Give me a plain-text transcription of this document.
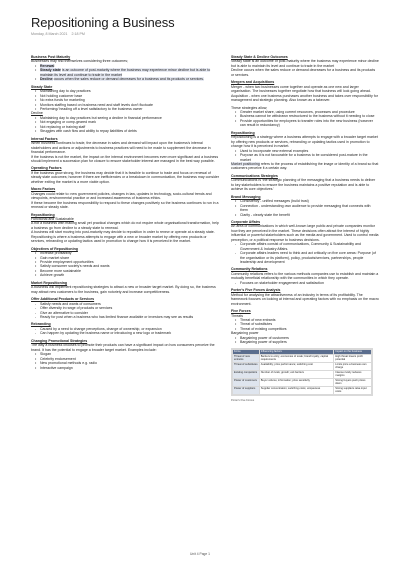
Repositioning a Business
Monday, 8 March 2021 2:18 PM
Business Post Maturity

Businesses may find themselves considering three outcomes;

• Renewal
• Steady state is an outcome of post-maturity where the business may experience minor decline but is able to maintain its level and continue to trade in the market
• Decline occurs when the sales reduce or demand decreases for a business and its products or services.
Steady State
• Maintaining day to day practices
• Not holding customer base
• No extra funds for marketing
• Monitors staffing based on business need and staff levels don't fluctuate
• Performing/ heading off a level satisfactory to the business owner
Decline
• Maintaining day to day practices but seeing a decline in financial performance
• Not engaging or comp-geared mark
• Not replacing or training staff
• Struggles with cash flow and ability to repay liabilities of debts
Internal Factors

When business continues to trade, the decrease in sales and demand will impact upon the business's internal stakeholders and actions or adjustments to business practices will need to be made to supplement the decrease in financial performance.

If the business is not the market, the impact on the internal environment becomes even more significant and a business should implement a succession plan for closure to ensure stakeholder interest are managed in the best way possible.

Operating Factors

If the business grow strong, the business may decide that it is feasible to continue to trade and focus on renewal of steady state outcomes; however if there are inefficiencies or a breakdown in communication, the business may consider whether exiting the market is a more viable option.

Macro Factors

Changes could relate to: new government policies, changes in law, updates in technology, socio-cultural trends and viewpoints, environmental practice or and increased awareness of business ethics.

If these become the business responsibility to respond to these changes positively so the business continues to run in a renewal or steady state.

Repositioning
Functional and Sustainable

A not a business with making small yet practical changes which do not require whole organisational transformation, help a business go from decline to a steady state to renewal.

A business will start moving into post-maturity may decide to reposition in order to renew or operate at a steady state.

Repositioning is where a business attempts to engage with a new or broader market by offering new products or services, rebranding or updating tactics used in promotion to change how it is perceived in the market.

Objectives of Repositioning
• Increase profitability
• Gain market share
• Provide employment opportunities
• Satisfy consumer society's needs and wants
• Become more sustainable
• Achieve growth
Market Repositioning

A business will implement repositioning strategies to attract a new or broader target market. By doing so, the business may attract new customers to the business, gain notoriety and increase competitiveness.

Offer Additional Products or Services
- Satisfy needs and wants of consumers
- Offer diversity in range of products or services
- Give an alternative to consider
- Ready for post when a business who has limited finance available or investors may see as results
Rebranding
- Caused by a need to change perceptions, change of ownership, or expansion
- Can happen by updating the business name or introducing a new logo or trademark
Changing Promotional Strategies

The way a business chooses to promote their products can have a significant impact on how consumers perceive the brand. It has the potential to engage a broader target market. Examples include:

• Slogan
• Celebrity endorsement
• New promotional methods e.g. radio
• Interactive campaign
Steady State & Decline Outcomes

Steady state is an outcome of post-maturity where the business may experience minor decline but is able to maintain its level and continue to trade in the market

Decline occurs when the sales reduce or demand decreases for a business and its products or services.

Mergers and Acquisitions

Merger - when two businesses come together and operate as one new and larger organisation. The businesses together negotiate how that business will look going ahead. Acquisition - when one business purchases another business and takes over responsibility for management and strategic planning. Also known as a takeover.

These strategies allow;

• Greater market share, using current resources, processes and procedure
• Business cannot be withdrawn restructured to the business without it needing to close
• Provide opportunities for employees to transfer roles into the new business (however can result in redundancy)
Repositioning

Repositioning is a strategy where a business attempts to engage with a broader target market by offering new products or services, rebranding or updating tactics used in promotion to change how it is perceived in market.

• Used to incorporate new external examples
• Purpose as it is not favourable for a business to be considered post-mature in the market

Market positioning refers to the process of establishing the image or identity of a brand so that customers perceive it a certain way.

Communications Strategies

Communications is 'the strategic planning of the messaging that a business needs to deliver to key stakeholders to ensure the business maintains a positive reputation and is able to achieve its core objectives.'

Brand Messaging
• Consistency - unified messages (build trust)
• Connection - understanding own audience to provide messaging that connects with them
• Clarity - clearly state the benefit
Corporate Affairs

An area of communications in which well-known large public and private companies monitor how they are perceived in the market. These decisions often attract the interest of highly influential or powerful stakeholders such as the media and government. Used to control media perception, or a political response to business decisions.

- Corporate affairs consist of communications, Community & Sustainability and Government & Industry Affairs.
- Corporate affairs leaders need to think and act critically on five core areas: Purpose (of the organisation or its platform), policy, products/services, partnerships, people leadership and development
Community Relations

Community relations refers to the various methods companies use to establish and maintain a mutually beneficial relationship with the communities in which they operate.

- Focuses on stakeholder engagement and satisfaction
Porter's Five Forces Analysis

Method for analysing the attractiveness of an industry in terms of its profitability. The framework focuses on looking at internal and operating factors with no emphasis on the macro environment.

Five Forces
Threats
• Threat of new entrants
• Threat of substitutes
• Threat of existing competitors
Bargaining power
• Bargaining power of customers
• Bargaining power of suppliers
Force	Influencing factors	Impact on the business
Threat of new entrants	Barriers to entry; economies of scale; brand loyalty; capital requirements	High threat lowers profit potential
Threat of substitutes	Availability; price performance; switching cost	Limits price a business can charge
Existing competitors	Number of rivals; growth; exit barriers	Intense rivalry reduces margins
Power of customers	Buyer volume; information; price sensitivity	Strong buyers push prices down
Power of suppliers	Supplier concentration; switching costs; uniqueness	Strong suppliers raise input costs
Porter's Five Forces
Unit 4 Page 1
